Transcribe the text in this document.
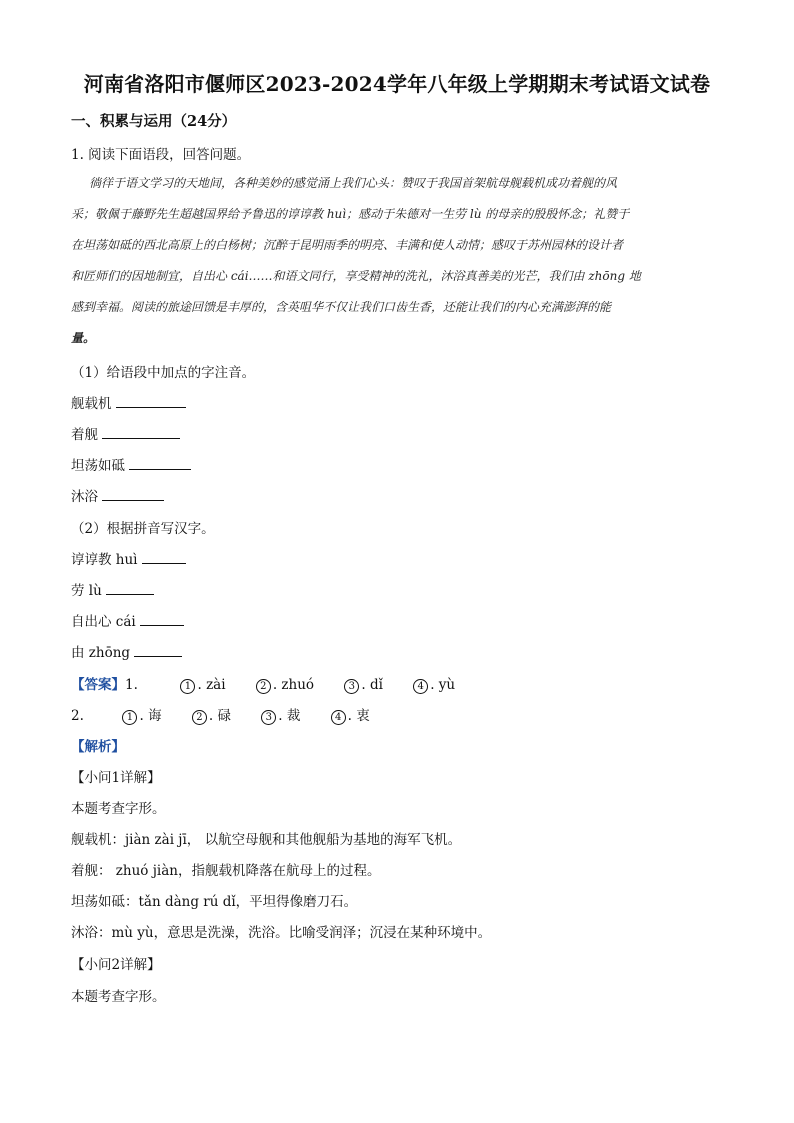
河南省洛阳市偃师区2023-2024学年八年级上学期期末考试语文试卷
一、积累与运用（24分）
1. 阅读下面语段，回答问题。
徜徉于语文学习的天地间，各种美妙的感觉涌上我们心头：赞叹于我国首架航母舰载机成功着舰的风
采；敬佩于藤野先生超越国界给予鲁迅的谆谆教 huì；感动于朱德对一生劳 lù 的母亲的殷殷怀念；礼赞于
在坦荡如砥的西北高原上的白杨树；沉醉于昆明雨季的明亮、丰满和使人动情；感叹于苏州园林的设计者
和匠师们的因地制宜，自出心 cái……和语文同行，享受精神的洗礼，沐浴真善美的光芒，我们由 zhōng 地
感到幸福。阅读的旅途回馈是丰厚的，含英咀华不仅让我们口齿生香，还能让我们的内心充满澎湃的能
量。
（1）给语段中加点的字注音。
舰载机
着舰
坦荡如砥
沐浴
（2）根据拼音写汉字。
谆谆教 huì
劳 lù
自出心 cái
由 zhōng
【答案】1.	1 . zài	2 . zhuó	3 . dǐ	4 . yù
2.	1 . 诲	2 . 碌	3 . 裁	4 . 衷
【解析】
【小问1详解】
本题考查字形。
舰载机：jiàn zài jī， 以航空母舰和其他舰船为基地的海军飞机。
着舰： zhuó jiàn，指舰载机降落在航母上的过程。
坦荡如砥：tǎn dàng rú dǐ，平坦得像磨刀石。
沐浴：mù yù，意思是洗澡，洗浴。比喻受润泽；沉浸在某种环境中。
【小问2详解】
本题考查字形。
